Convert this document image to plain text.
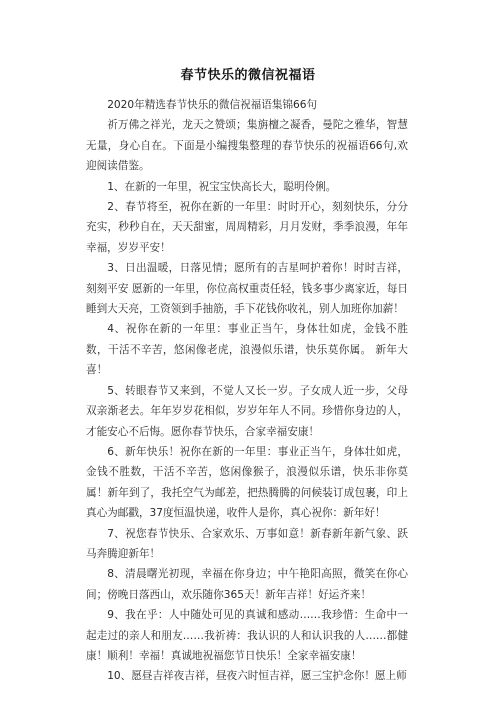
春节快乐的微信祝福语

2020年精选春节快乐的微信祝福语集锦66句

祈万佛之祥光，龙天之赞颂；集旃檀之凝香，曼陀之雅华，智慧无量，身心自在。下面是小编搜集整理的春节快乐的祝福语66句,欢迎阅读借鉴。

1、在新的一年里，祝宝宝快高长大，聪明伶俐。

2、春节将至，祝你在新的一年里：时时开心，刻刻快乐，分分充实，秒秒自在，天天甜蜜，周周精彩，月月发财，季季浪漫，年年幸福，岁岁平安！

3、日出温暖，日落见情；愿所有的吉星呵护着你！时时吉祥，刻刻平安 愿新的一年里，你位高权重责任轻，钱多事少离家近，每日睡到大天亮，工资领到手抽筋，手下花钱你收礼，别人加班你加薪！

4、祝你在新的一年里：事业正当午，身体壮如虎，金钱不胜数，干活不辛苦，悠闲像老虎，浪漫似乐谱，快乐莫你属。 新年大喜！

5、转眼春节又来到，不觉人又长一岁。子女成人近一步，父母双亲渐老去。年年岁岁花相似，岁岁年年人不同。珍惜你身边的人，才能安心不后悔。愿你春节快乐，合家幸福安康！

6、新年快乐！祝你在新的一年里：事业正当午，身体壮如虎，金钱不胜数，干活不辛苦，悠闲像猴子，浪漫似乐谱，快乐非你莫属！新年到了，我托空气为邮差，把热腾腾的问候装订成包裹，印上真心为邮戳，37度恒温快递，收件人是你，真心祝你：新年好！

7、祝您春节快乐、合家欢乐、万事如意！新春新年新气象、跃马奔腾迎新年！

8、清晨曙光初现，幸福在你身边；中午艳阳高照，微笑在你心间；傍晚日落西山，欢乐随你365天！新年吉祥！好运齐来！

9、我在乎：人中随处可见的真诚和感动……我珍惜：生命中一起走过的亲人和朋友……我祈祷：我认识的人和认识我的人……都健康！顺利！幸福！真诚地祝福您节日快乐！全家幸福安康！

10、愿昼吉祥夜吉祥，昼夜六时恒吉祥，愿三宝护念你！愿上师
